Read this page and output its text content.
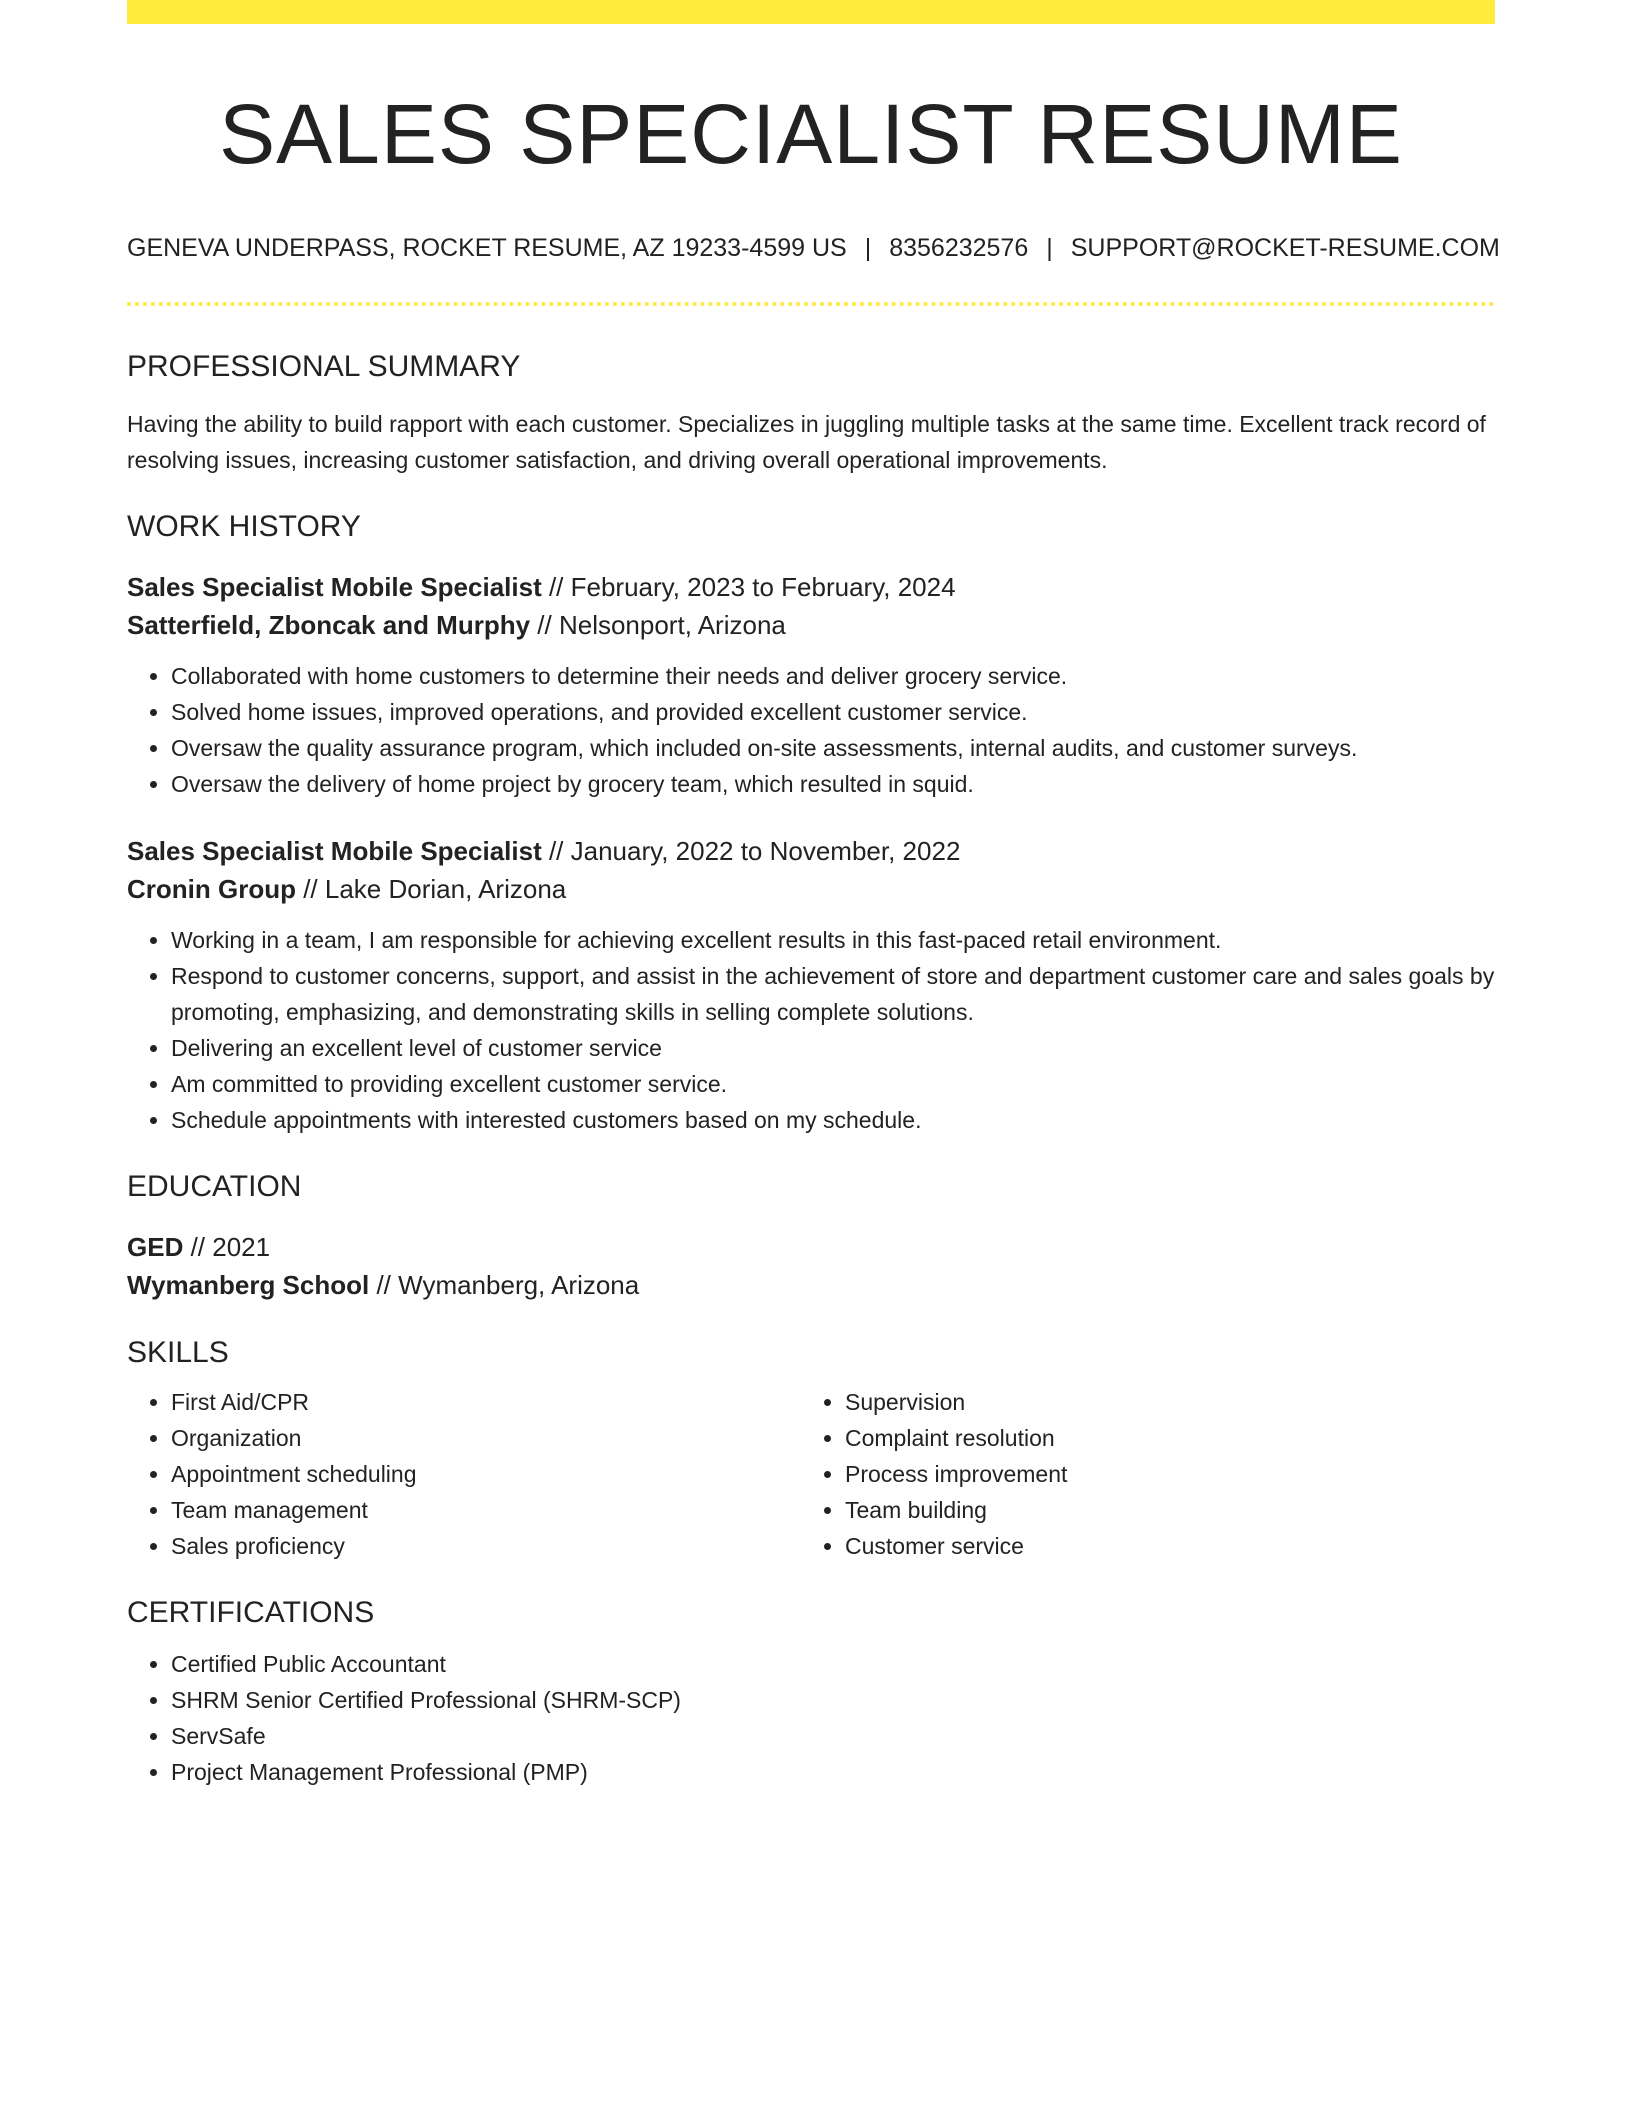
SALES SPECIALIST RESUME
GENEVA UNDERPASS, ROCKET RESUME, AZ 19233-4599 US | 8356232576 | SUPPORT@ROCKET-RESUME.COM
PROFESSIONAL SUMMARY

Having the ability to build rapport with each customer. Specializes in juggling multiple tasks at the same time. Excellent track record of resolving issues, increasing customer satisfaction, and driving overall operational improvements.

WORK HISTORY
Sales Specialist Mobile Specialist // February, 2023 to February, 2024
Satterfield, Zboncak and Murphy // Nelsonport, Arizona
• Collaborated with home customers to determine their needs and deliver grocery service.
• Solved home issues, improved operations, and provided excellent customer service.
• Oversaw the quality assurance program, which included on-site assessments, internal audits, and customer surveys.
• Oversaw the delivery of home project by grocery team, which resulted in squid.
Sales Specialist Mobile Specialist // January, 2022 to November, 2022
Cronin Group // Lake Dorian, Arizona
• Working in a team, I am responsible for achieving excellent results in this fast-paced retail environment.
• Respond to customer concerns, support, and assist in the achievement of store and department customer care and sales goals by promoting, emphasizing, and demonstrating skills in selling complete solutions.
• Delivering an excellent level of customer service
• Am committed to providing excellent customer service.
• Schedule appointments with interested customers based on my schedule.
EDUCATION
GED // 2021
Wymanberg School // Wymanberg, Arizona
SKILLS
• First Aid/CPR
• Organization
• Appointment scheduling
• Team management
• Sales proficiency
• Supervision
• Complaint resolution
• Process improvement
• Team building
• Customer service
CERTIFICATIONS
• Certified Public Accountant
• SHRM Senior Certified Professional (SHRM-SCP)
• ServSafe
• Project Management Professional (PMP)
